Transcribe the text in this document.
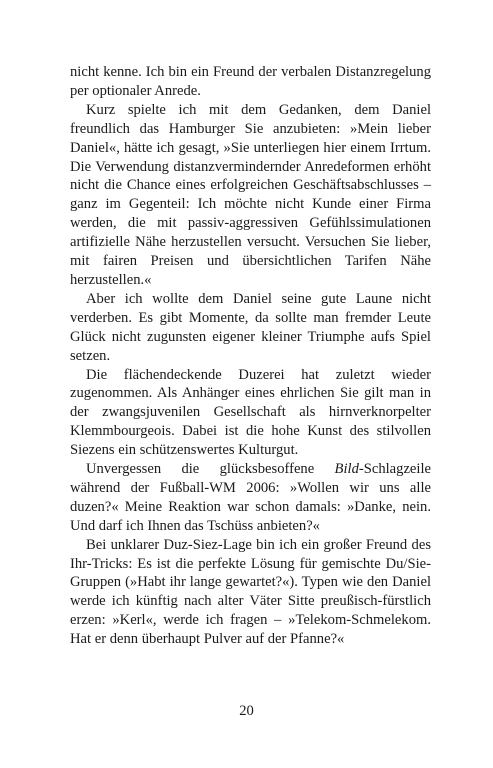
nicht kenne. Ich bin ein Freund der verbalen Distanzregelung per optionaler Anrede.

Kurz spielte ich mit dem Gedanken, dem Daniel freundlich das Hamburger Sie anzubieten: »Mein lieber Daniel«, hätte ich gesagt, »Sie unterliegen hier einem Irrtum. Die Verwendung distanzvermindernder Anredeformen erhöht nicht die Chance eines erfolgreichen Geschäftsabschlusses – ganz im Gegenteil: Ich möchte nicht Kunde einer Firma werden, die mit passiv-aggressiven Gefühlssimulationen artifizielle Nähe herzustellen versucht. Versuchen Sie lieber, mit fairen Preisen und übersichtlichen Tarifen Nähe herzustellen.«

Aber ich wollte dem Daniel seine gute Laune nicht verderben. Es gibt Momente, da sollte man fremder Leute Glück nicht zugunsten eigener kleiner Triumphe aufs Spiel setzen.

Die flächendeckende Duzerei hat zuletzt wieder zugenommen. Als Anhänger eines ehrlichen Sie gilt man in der zwangsjuvenilen Gesellschaft als hirnverknorpelter Klemmbourgeois. Dabei ist die hohe Kunst des stilvollen Siezens ein schützenswertes Kulturgut.

Unvergessen die glücksbesoffene Bild-Schlagzeile während der Fußball-WM 2006: »Wollen wir uns alle duzen?« Meine Reaktion war schon damals: »Danke, nein. Und darf ich Ihnen das Tschüss anbieten?«

Bei unklarer Duz-Siez-Lage bin ich ein großer Freund des Ihr-Tricks: Es ist die perfekte Lösung für gemischte Du/Sie-Gruppen (»Habt ihr lange gewartet?«). Typen wie den Daniel werde ich künftig nach alter Väter Sitte preußisch-fürstlich erzen: »Kerl«, werde ich fragen – »Telekom-Schmelekom. Hat er denn überhaupt Pulver auf der Pfanne?«

20
